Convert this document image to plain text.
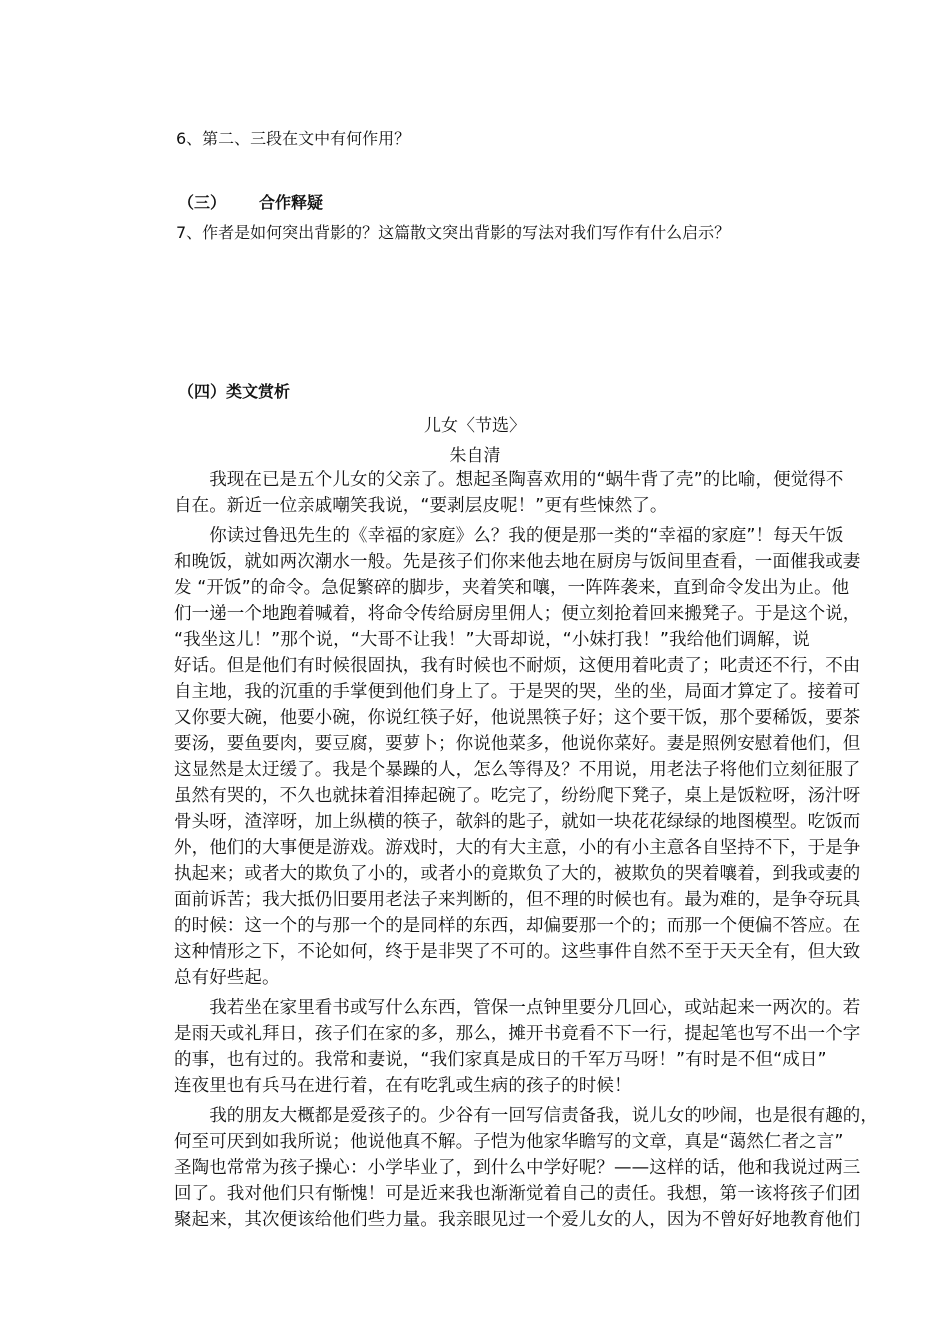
6、第二、三段在文中有何作用？
（三） 合作释疑
7、作者是如何突出背影的？这篇散文突出背影的写法对我们写作有什么启示？
（四）类文赏析
儿女〈节选〉
朱自清
　　我现在已是五个儿女的父亲了。想起圣陶喜欢用的“蜗牛背了壳”的比喻，便觉得不
自在。新近一位亲戚嘲笑我说，“要剥层皮呢！”更有些悚然了。
　　你读过鲁迅先生的《幸福的家庭》么？我的便是那一类的“幸福的家庭”！每天午饭
和晚饭，就如两次潮水一般。先是孩子们你来他去地在厨房与饭间里查看，一面催我或妻
发 “开饭”的命令。急促繁碎的脚步，夹着笑和嚷，一阵阵袭来，直到命令发出为止。他
们一递一个地跑着喊着，将命令传给厨房里佣人；便立刻抢着回来搬凳子。于是这个说，
“我坐这儿！”那个说，“大哥不让我！”大哥却说，“小妹打我！”我给他们调解，说
好话。但是他们有时候很固执，我有时候也不耐烦，这便用着叱责了；叱责还不行，不由
自主地，我的沉重的手掌便到他们身上了。于是哭的哭，坐的坐，局面才算定了。接着可
又你要大碗，他要小碗，你说红筷子好，他说黑筷子好；这个要干饭，那个要稀饭，要茶
要汤，要鱼要肉，要豆腐，要萝卜；你说他菜多，他说你菜好。妻是照例安慰着他们，但
这显然是太迂缓了。我是个暴躁的人，怎么等得及？不用说，用老法子将他们立刻征服了
虽然有哭的，不久也就抹着泪捧起碗了。吃完了，纷纷爬下凳子，桌上是饭粒呀，汤汁呀
骨头呀，渣滓呀，加上纵横的筷子，欹斜的匙子，就如一块花花绿绿的地图模型。吃饭而
外，他们的大事便是游戏。游戏时，大的有大主意，小的有小主意各自坚持不下，于是争
执起来；或者大的欺负了小的，或者小的竟欺负了大的，被欺负的哭着嚷着，到我或妻的
面前诉苦；我大抵仍旧要用老法子来判断的，但不理的时候也有。最为难的，是争夺玩具
的时候：这一个的与那一个的是同样的东西，却偏要那一个的；而那一个便偏不答应。在
这种情形之下，不论如何，终于是非哭了不可的。这些事件自然不至于天天全有，但大致
总有好些起。
　　我若坐在家里看书或写什么东西，管保一点钟里要分几回心，或站起来一两次的。若
是雨天或礼拜日，孩子们在家的多，那么，摊开书竟看不下一行，提起笔也写不出一个字
的事，也有过的。我常和妻说，“我们家真是成日的千军万马呀！”有时是不但“成日”
连夜里也有兵马在进行着，在有吃乳或生病的孩子的时候！
　　我的朋友大概都是爱孩子的。少谷有一回写信责备我，说儿女的吵闹，也是很有趣的，
何至可厌到如我所说；他说他真不解。子恺为他家华瞻写的文章，真是“蔼然仁者之言”
圣陶也常常为孩子操心：小学毕业了，到什么中学好呢？——这样的话，他和我说过两三
回了。我对他们只有惭愧！可是近来我也渐渐觉着自己的责任。我想，第一该将孩子们团
聚起来，其次便该给他们些力量。我亲眼见过一个爱儿女的人，因为不曾好好地教育他们
